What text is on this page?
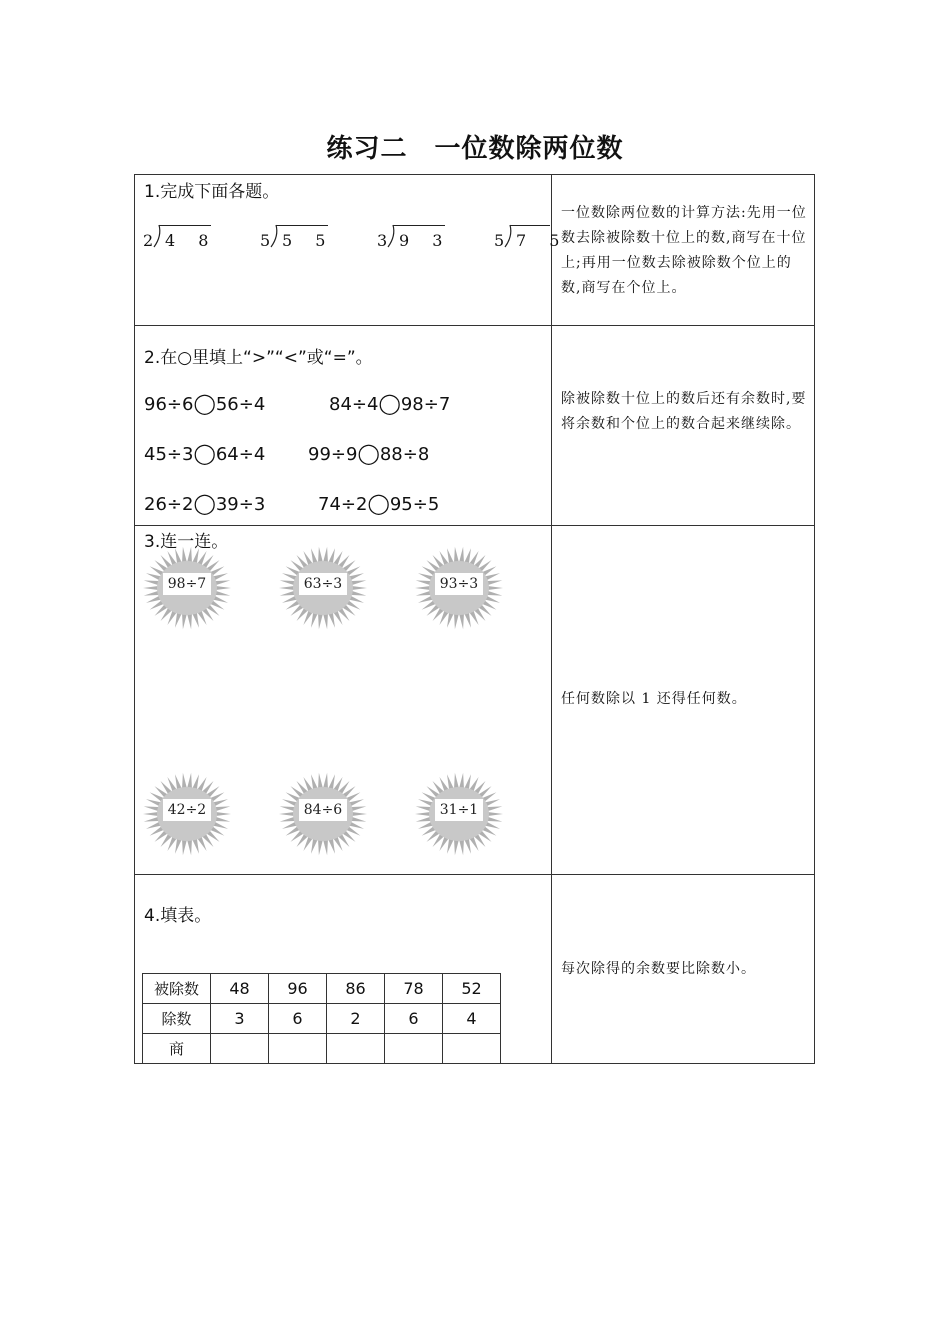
练习二　一位数除两位数
1.完成下面各题。
2 4 8	5 5 5	3 9 3	5 7 5
一位数除两位数的计算方法:先用一位数去除被除数十位上的数,商写在十位上;再用一位数去除被除数个位上的数,商写在个位上。
2.在○里填上“>”“<”或“=”。
96÷6◯56÷4	84÷4◯98÷7
45÷3◯64÷4 99÷9◯88÷8
26÷2◯39÷3	74÷2◯95÷5
除被除数十位上的数后还有余数时,要将余数和个位上的数合起来继续除。
3.连一连。
98÷7	63÷3	93÷3
42÷2	84÷6	31÷1
任何数除以 1 还得任何数。
4.填表。
被除数	48	96	86	78	52
除数	3	6	2	6	4
商					
每次除得的余数要比除数小。
